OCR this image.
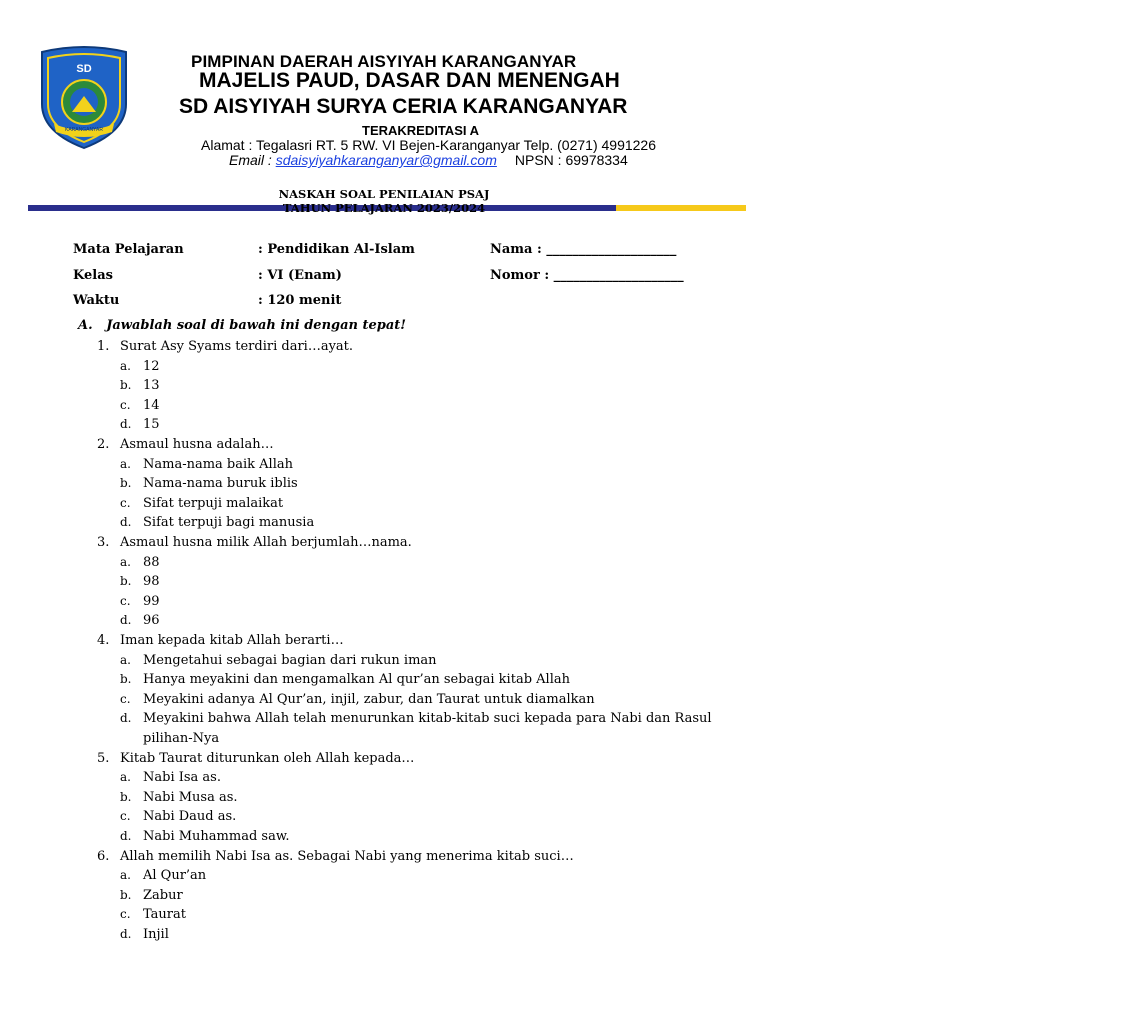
SD
KARANGANYAR
PIMPINAN DAERAH AISYIYAH KARANGANYAR
MAJELIS PAUD, DASAR DAN MENENGAH
SD AISYIYAH SURYA CERIA KARANGANYAR
TERAKREDITASI A
Alamat : Tegalasri RT. 5 RW. VI Bejen-Karanganyar Telp. (0271) 4991226
Email : sdaisyiyahkaranganyar@gmail.com NPSN : 69978334
NASKAH SOAL PENILAIAN PSAJ
TAHUN PELAJARAN 2023/2024
Mata Pelajaran	: Pendidikan Al-Islam	Nama : ____________________
Kelas	: VI (Enam)	Nomor : ____________________
Waktu	: 120 menit
A. Jawablah soal di bawah ini dengan tepat!
1. Surat Asy Syams terdiri dari…ayat.
a. 12
b. 13
c. 14
d. 15
2. Asmaul husna adalah…
a. Nama-nama baik Allah
b. Nama-nama buruk iblis
c. Sifat terpuji malaikat
d. Sifat terpuji bagi manusia
3. Asmaul husna milik Allah berjumlah…nama.
a. 88
b. 98
c. 99
d. 96
4. Iman kepada kitab Allah berarti…
a. Mengetahui sebagai bagian dari rukun iman
b. Hanya meyakini dan mengamalkan Al qur’an sebagai kitab Allah
c. Meyakini adanya Al Qur’an, injil, zabur, dan Taurat untuk diamalkan
d. Meyakini bahwa Allah telah menurunkan kitab-kitab suci kepada para Nabi dan Rasul
pilihan-Nya
5. Kitab Taurat diturunkan oleh Allah kepada…
a. Nabi Isa as.
b. Nabi Musa as.
c. Nabi Daud as.
d. Nabi Muhammad saw.
6. Allah memilih Nabi Isa as. Sebagai Nabi yang menerima kitab suci…
a. Al Qur’an
b. Zabur
c. Taurat
d. Injil
